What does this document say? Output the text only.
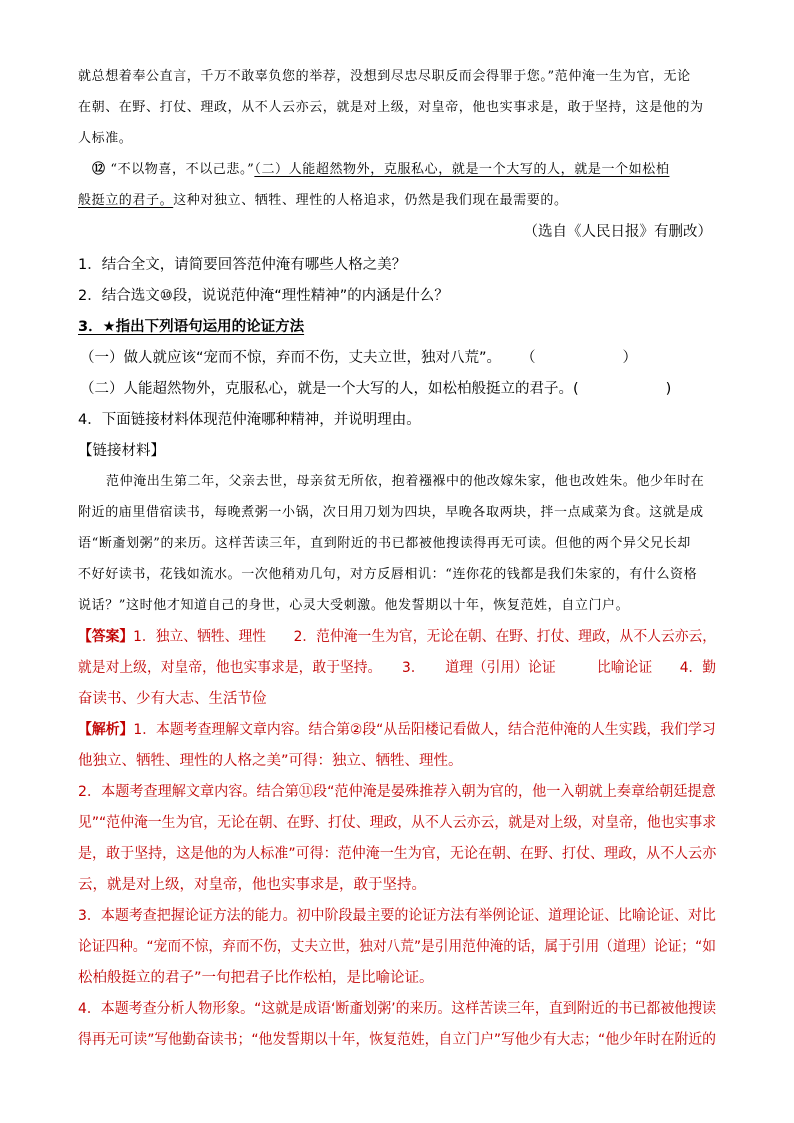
就总想着奉公直言，千万不敢辜负您的举荐，没想到尽忠尽职反而会得罪于您。”范仲淹一生为官，无论
在朝、在野、打仗、理政，从不人云亦云，就是对上级，对皇帝，他也实事求是，敢于坚持，这是他的为
人标准。
⑫ “不以物喜，不以己悲。”（二）人能超然物外，克服私心，就是一个大写的人，就是一个如松柏
般挺立的君子。这种对独立、牺牲、理性的人格追求，仍然是我们现在最需要的。
（选自《人民日报》有删改）
1．结合全文，请简要回答范仲淹有哪些人格之美？
2．结合选文⑩段，说说范仲淹“理性精神”的内涵是什么？
3．★指出下列语句运用的论证方法
（一）做人就应该“宠而不惊，弃而不伤，丈夫立世，独对八荒”。 （　　　　　　）
（二）人能超然物外，克服私心，就是一个大写的人，如松柏般挺立的君子。(　　　　　　)
4．下面链接材料体现范仲淹哪种精神，并说明理由。
【链接材料】
范仲淹出生第二年，父亲去世，母亲贫无所依，抱着襁褓中的他改嫁朱家，他也改姓朱。他少年时在
附近的庙里借宿读书，每晚煮粥一小锅，次日用刀划为四块，早晚各取两块，拌一点咸菜为食。这就是成
语“断齑划粥”的来历。这样苦读三年，直到附近的书已都被他搜读得再无可读。但他的两个异父兄长却
不好好读书，花钱如流水。一次他稍劝几句，对方反唇相讥：“连你花的钱都是我们朱家的，有什么资格
说话？”这时他才知道自己的身世，心灵大受刺激。他发誓期以十年，恢复范姓，自立门户。
【答案】1．独立、牺牲、理性　　2．范仲淹一生为官，无论在朝、在野、打仗、理政，从不人云亦云，
就是对上级，对皇帝，他也实事求是，敢于坚持。　　3．　　道理（引用）论证　　　比喻论证　　4．勤
奋读书、少有大志、生活节俭
【解析】1．本题考查理解文章内容。结合第②段“从岳阳楼记看做人，结合范仲淹的人生实践，我们学习
他独立、牺牲、理性的人格之美”可得：独立、牺牲、理性。
2．本题考查理解文章内容。结合第⑪段“范仲淹是晏殊推荐入朝为官的，他一入朝就上奏章给朝廷提意
见”“范仲淹一生为官，无论在朝、在野、打仗、理政，从不人云亦云，就是对上级，对皇帝，他也实事求
是，敢于坚持，这是他的为人标准”可得：范仲淹一生为官，无论在朝、在野、打仗、理政，从不人云亦
云，就是对上级，对皇帝，他也实事求是，敢于坚持。
3．本题考查把握论证方法的能力。初中阶段最主要的论证方法有举例论证、道理论证、比喻论证、对比
论证四种。“宠而不惊，弃而不伤，丈夫立世，独对八荒”是引用范仲淹的话，属于引用（道理）论证；“如
松柏般挺立的君子”一句把君子比作松柏，是比喻论证。
4．本题考查分析人物形象。“这就是成语‘断齑划粥’的来历。这样苦读三年，直到附近的书已都被他搜读
得再无可读”写他勤奋读书；“他发誓期以十年，恢复范姓，自立门户”写他少有大志；“他少年时在附近的
